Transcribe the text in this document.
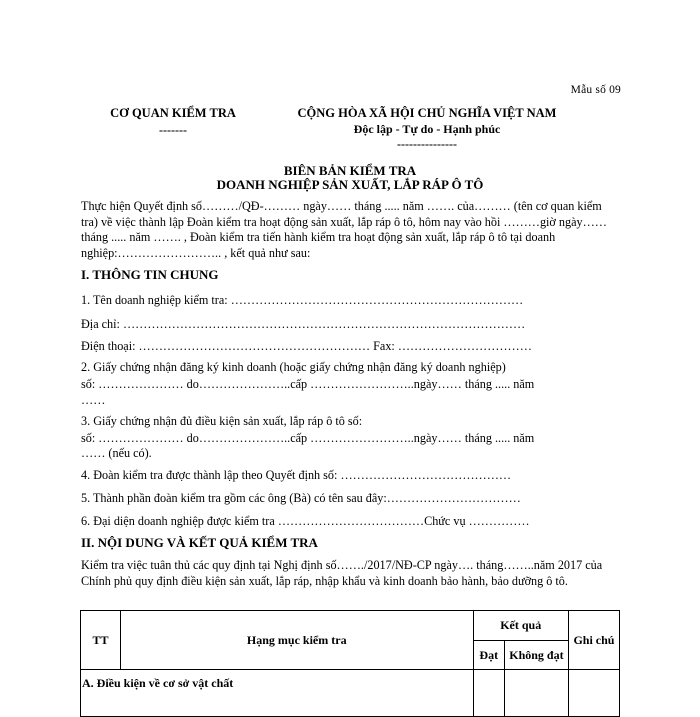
Mẫu số 09
CƠ QUAN KIỂM TRA
-------
CỘNG HÒA XÃ HỘI CHỦ NGHĨA VIỆT NAM
Độc lập - Tự do - Hạnh phúc
---------------
BIÊN BẢN KIỂM TRA
DOANH NGHIỆP SẢN XUẤT, LẮP RÁP Ô TÔ
Thực hiện Quyết định số………/QĐ-……… ngày…… tháng ..... năm ……. của……… (tên cơ quan kiểm tra) về việc thành lập Đoàn kiểm tra hoạt động sản xuất, lắp ráp ô tô, hôm nay vào hồi ………giờ ngày…… tháng ..... năm ……. , Đoàn kiểm tra tiến hành kiểm tra hoạt động sản xuất, lắp ráp ô tô tại doanh nghiệp:…………………….. , kết quả như sau:
I. THÔNG TIN CHUNG
1. Tên doanh nghiệp kiểm tra: ………………………………………………………………
Địa chỉ: ………………………………………………………………………………………
Điện thoại: ………………………………………………… Fax: ……………………………
2. Giấy chứng nhận đăng ký kinh doanh (hoặc giấy chứng nhận đăng ký doanh nghiệp)
số: ………………… do…………………..cấp ……………………..ngày…… tháng ..... năm
……
3. Giấy chứng nhận đủ điều kiện sản xuất, lắp ráp ô tô số:
số: ………………… do…………………..cấp ……………………..ngày…… tháng ..... năm
…… (nếu có).
4. Đoàn kiểm tra được thành lập theo Quyết định số: ……………………………………
5. Thành phần đoàn kiểm tra gồm các ông (Bà) có tên sau đây:……………………………
6. Đại diện doanh nghiệp được kiểm tra ………………………………Chức vụ ……………
II. NỘI DUNG VÀ KẾT QUẢ KIỂM TRA
Kiểm tra việc tuân thủ các quy định tại Nghị định số……./2017/NĐ-CP ngày…. tháng……..năm 2017 của Chính phủ quy định điều kiện sản xuất, lắp ráp, nhập khẩu và kinh doanh bảo hành, bảo dưỡng ô tô.
TT	Hạng mục kiểm tra	Kết quả		Ghi chú
		Đạt	Không đạt	
A. Điều kiện về cơ sở vật chất				
